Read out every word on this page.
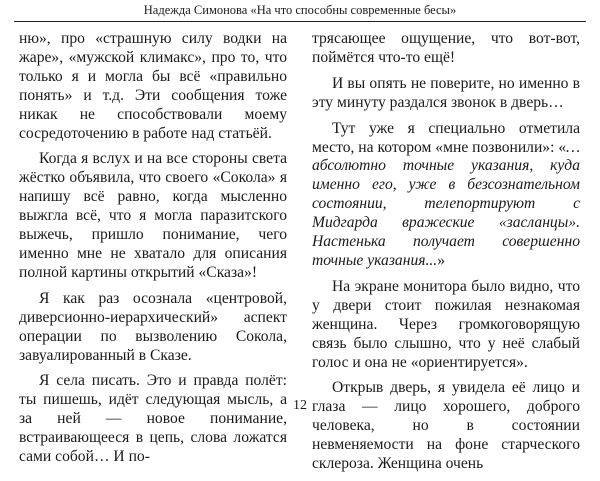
Надежда Симонова «На что способны современные бесы»

ню», про «страшную силу водки на жаре», «мужской климакс», про то, что только я и могла бы всё «правильно понять» и т.д. Эти сообщения тоже никак не способствовали моему сосредоточению в работе над статьёй.

Когда я вслух и на все стороны света жёстко объявила, что своего «Сокола» я напишу всё равно, когда мысленно выжгла всё, что я могла паразитского выжечь, пришло понимание, чего именно мне не хватало для описания полной картины открытий «Сказа»!

Я как раз осознала «центровой, диверсионно-иерархический» аспект операции по вызволению Сокола, завуалированный в Сказе.

Я села писать. Это и правда полёт: ты пишешь, идёт следующая мысль, а за ней — новое понимание, встраивающееся в цепь, слова ложатся сами собой… И по-

трясающее ощущение, что вот-вот, поймётся что-то ещё!

И вы опять не поверите, но именно в эту минуту раздался звонок в дверь…

Тут уже я специально отметила место, на котором «мне позвонили»: «…абсолютно точные указания, куда именно его, уже в безсознательном состоянии, телепортируют с Мидгарда вражеские «засланцы». Настенька получает совершенно точные указания...»

На экране монитора было видно, что у двери стоит пожилая незнакомая женщина. Через громкоговорящую связь было слышно, что у неё слабый голос и она не «ориентируется».

Открыв дверь, я увидела её лицо и глаза — лицо хорошего, доброго человека, но в состоянии невменяемости на фоне старческого склероза. Женщина очень

12
